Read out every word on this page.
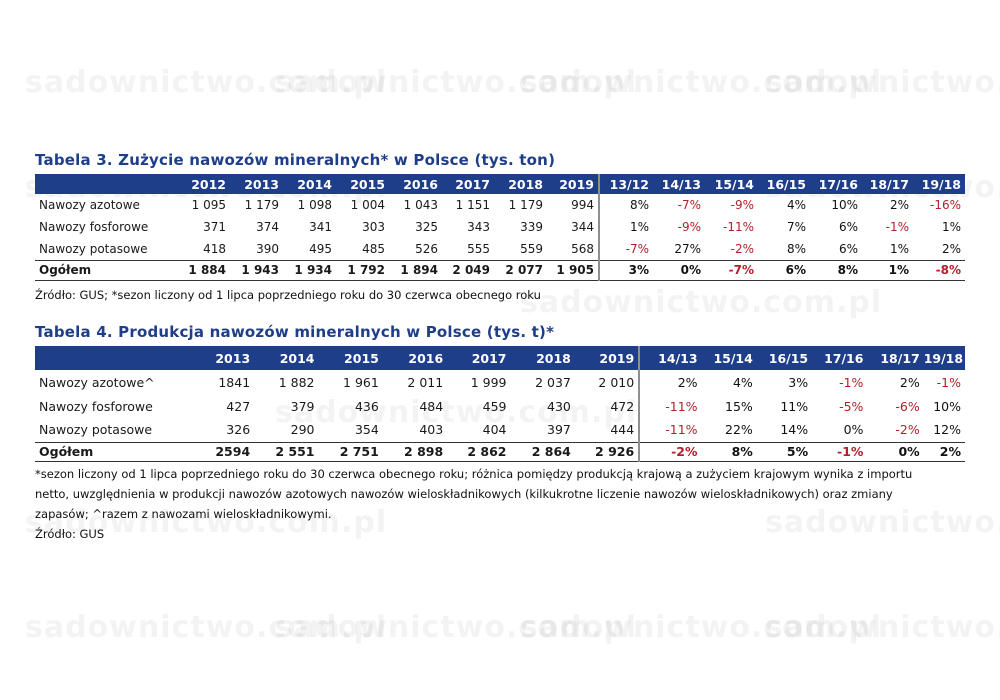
Tabela 3. Zużycie nawozów mineralnych* w Polsce (tys. ton)
	2012	2013	2014	2015	2016	2017	2018	2019	13/12	14/13	15/14	16/15	17/16	18/17	19/18
Nawozy azotowe	1 095	1 179	1 098	1 004	1 043	1 151	1 179	994	8%	-7%	-9%	4%	10%	2%	-16%
Nawozy fosforowe	371	374	341	303	325	343	339	344	1%	-9%	-11%	7%	6%	-1%	1%
Nawozy potasowe	418	390	495	485	526	555	559	568	-7%	27%	-2%	8%	6%	1%	2%
Ogółem	1 884	1 943	1 934	1 792	1 894	2 049	2 077	1 905	3%	0%	-7%	6%	8%	1%	-8%
Źródło: GUS; *sezon liczony od 1 lipca poprzedniego roku do 30 czerwca obecnego roku
Tabela 4. Produkcja nawozów mineralnych w Polsce (tys. t)*
	2013	2014	2015	2016	2017	2018	2019	14/13	15/14	16/15	17/16	18/17	19/18
Nawozy azotowe^	1841	1 882	1 961	2 011	1 999	2 037	2 010	2%	4%	3%	-1%	2%	-1%
Nawozy fosforowe	427	379	436	484	459	430	472	-11%	15%	11%	-5%	-6%	10%
Nawozy potasowe	326	290	354	403	404	397	444	-11%	22%	14%	0%	-2%	12%
Ogółem	2594	2 551	2 751	2 898	2 862	2 864	2 926	-2%	8%	5%	-1%	0%	2%
*sezon liczony od 1 lipca poprzedniego roku do 30 czerwca obecnego roku; różnica pomiędzy produkcją krajową a zużyciem krajowym wynika z importu
netto, uwzględnienia w produkcji nawozów azotowych nawozów wieloskładnikowych (kilkukrotne liczenie nawozów wieloskładnikowych) oraz zmiany
zapasów; ^razem z nawozami wieloskładnikowymi.
Źródło: GUS
